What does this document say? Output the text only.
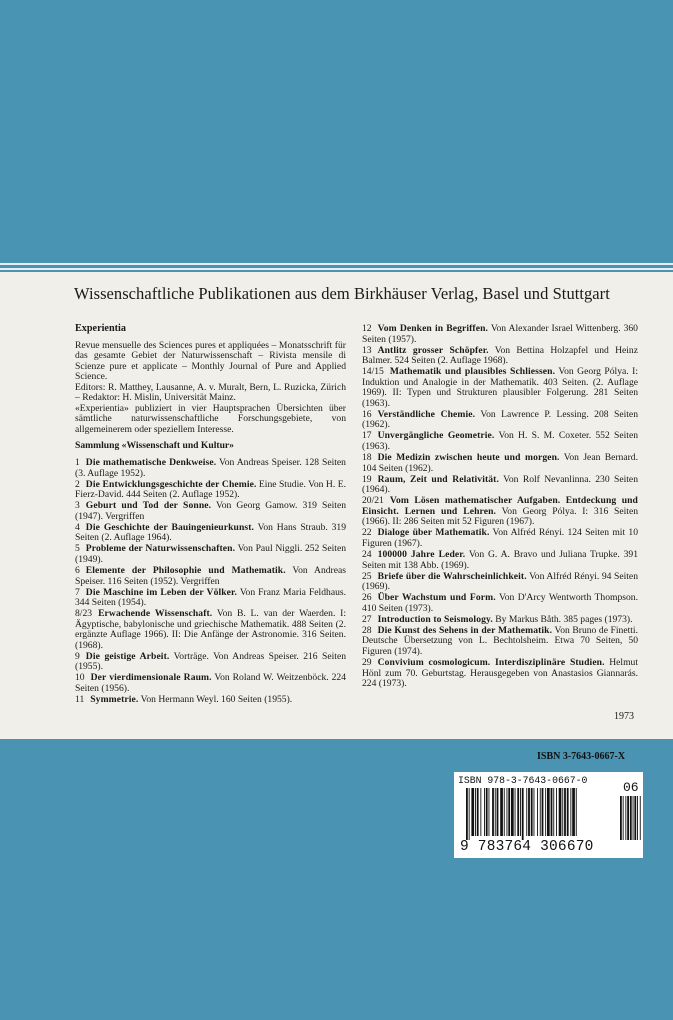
Wissenschaftliche Publikationen aus dem Birkhäuser Verlag, Basel und Stuttgart
Experientia

Revue mensuelle des Sciences pures et appliquées – Monatsschrift für das gesamte Gebiet der Naturwissenschaft – Rivista mensile di Scienze pure et applicate – Monthly Journal of Pure and Applied Science.

Editors: R. Matthey, Lausanne, A. v. Muralt, Bern, L. Ruzicka, Zürich – Redaktor: H. Mislin, Universität Mainz.

«Experientia» publiziert in vier Hauptsprachen Übersichten über sämtliche naturwissenschaftliche Forschungsgebiete, von allgemeinerem oder speziellem Interesse.

Sammlung «Wissenschaft und Kultur»

1 Die mathematische Denkweise. Von Andreas Speiser. 128 Seiten (3. Auflage 1952).

2 Die Entwicklungsgeschichte der Chemie. Eine Studie. Von H. E. Fierz-David. 444 Seiten (2. Auflage 1952).

3 Geburt und Tod der Sonne. Von Georg Gamow. 319 Seiten (1947). Vergriffen

4 Die Geschichte der Bauingenieurkunst. Von Hans Straub. 319 Seiten (2. Auflage 1964).

5 Probleme der Naturwissenschaften. Von Paul Niggli. 252 Seiten (1949).

6 Elemente der Philosophie und Mathematik. Von Andreas Speiser. 116 Seiten (1952). Vergriffen

7 Die Maschine im Leben der Völker. Von Franz Maria Feldhaus. 344 Seiten (1954).

8/23 Erwachende Wissenschaft. Von B. L. van der Waerden. I: Ägyptische, babylonische und griechische Mathematik. 488 Seiten (2. ergänzte Auflage 1966). II: Die Anfänge der Astronomie. 316 Seiten. (1968).

9 Die geistige Arbeit. Vorträge. Von Andreas Speiser. 216 Seiten (1955).

10 Der vierdimensionale Raum. Von Roland W. Weitzenböck. 224 Seiten (1956).

11 Symmetrie. Von Hermann Weyl. 160 Seiten (1955).

12 Vom Denken in Begriffen. Von Alexander Israel Wittenberg. 360 Seiten (1957).

13 Antlitz grosser Schöpfer. Von Bettina Holzapfel und Heinz Balmer. 524 Seiten (2. Auflage 1968).

14/15 Mathematik und plausibles Schliessen. Von Georg Pólya. I: Induktion und Analogie in der Mathematik. 403 Seiten. (2. Auflage 1969). II: Typen und Strukturen plausibler Folgerung. 281 Seiten (1963).

16 Verständliche Chemie. Von Lawrence P. Lessing. 208 Seiten (1962).

17 Unvergängliche Geometrie. Von H. S. M. Coxeter. 552 Seiten (1963).

18 Die Medizin zwischen heute und morgen. Von Jean Bernard. 104 Seiten (1962).

19 Raum, Zeit und Relativität. Von Rolf Nevanlinna. 230 Seiten (1964).

20/21 Vom Lösen mathematischer Aufgaben. Entdeckung und Einsicht. Lernen und Lehren. Von Georg Pólya. I: 316 Seiten (1966). II: 286 Seiten mit 52 Figuren (1967).

22 Dialoge über Mathematik. Von Alfréd Rényi. 124 Seiten mit 10 Figuren (1967).

24 100000 Jahre Leder. Von G. A. Bravo und Juliana Trupke. 391 Seiten mit 138 Abb. (1969).

25 Briefe über die Wahrscheinlichkeit. Von Alfréd Rényi. 94 Seiten (1969).

26 Über Wachstum und Form. Von D'Arcy Wentworth Thompson. 410 Seiten (1973).

27 Introduction to Seismology. By Markus Båth. 385 pages (1973).

28 Die Kunst des Sehens in der Mathematik. Von Bruno de Finetti. Deutsche Übersetzung von L. Bechtolsheim. Etwa 70 Seiten, 50 Figuren (1974).

29 Convivium cosmologicum. Interdisziplinäre Studien. Helmut Hönl zum 70. Geburtstag. Herausgegeben von Anastasios Giannarás. 224 (1973).

1973
ISBN 3-7643-0667-X
ISBN 978-3-7643-0667-0	06
9 783764 306670
